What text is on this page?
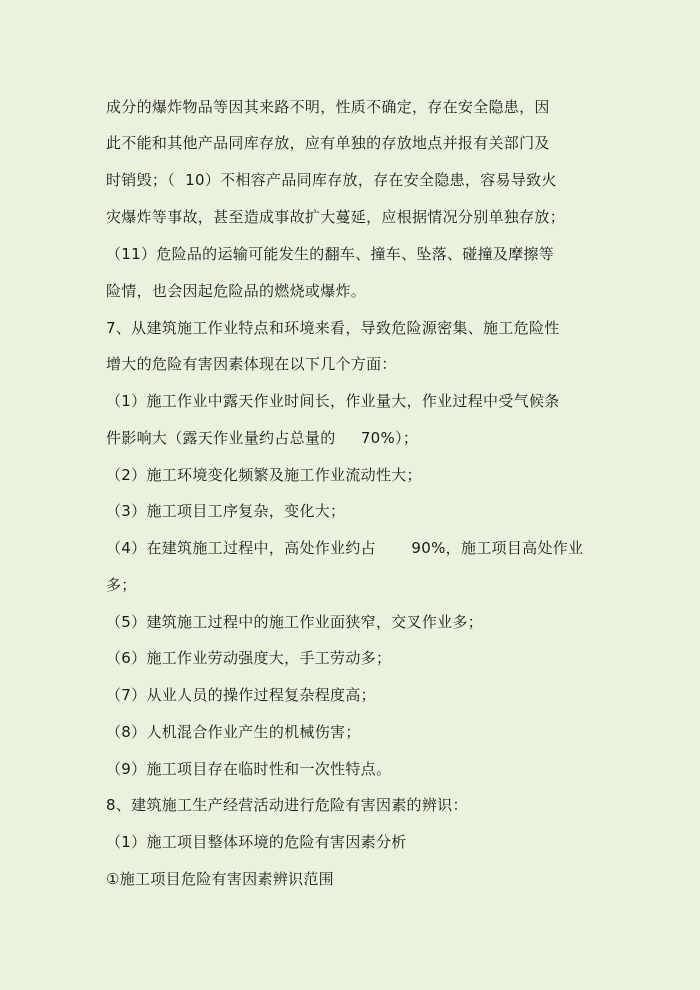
成分的爆炸物品等因其来路不明，性质不确定，存在安全隐患，因
此不能和其他产品同库存放，应有单独的存放地点并报有关部门及
时销毁；（  10）不相容产品同库存放，存在安全隐患，容易导致火
灾爆炸等事故，甚至造成事故扩大蔓延，应根据情况分别单独存放；
（11）危险品的运输可能发生的翻车、撞车、坠落、碰撞及摩擦等
险情，也会因起危险品的燃烧或爆炸。
7、从建筑施工作业特点和环境来看，导致危险源密集、施工危险性
增大的危险有害因素体现在以下几个方面：
（1）施工作业中露天作业时间长，作业量大，作业过程中受气候条
件影响大（露天作业量约占总量的     70%）；
（2）施工环境变化频繁及施工作业流动性大；
（3）施工项目工序复杂，变化大；
（4）在建筑施工过程中，高处作业约占       90%，施工项目高处作业
多；
（5）建筑施工过程中的施工作业面狭窄，交叉作业多；
（6）施工作业劳动强度大，手工劳动多；
（7）从业人员的操作过程复杂程度高；
（8）人机混合作业产生的机械伤害；
（9）施工项目存在临时性和一次性特点。
8、建筑施工生产经营活动进行危险有害因素的辨识：
（1）施工项目整体环境的危险有害因素分析
①施工项目危险有害因素辨识范围
